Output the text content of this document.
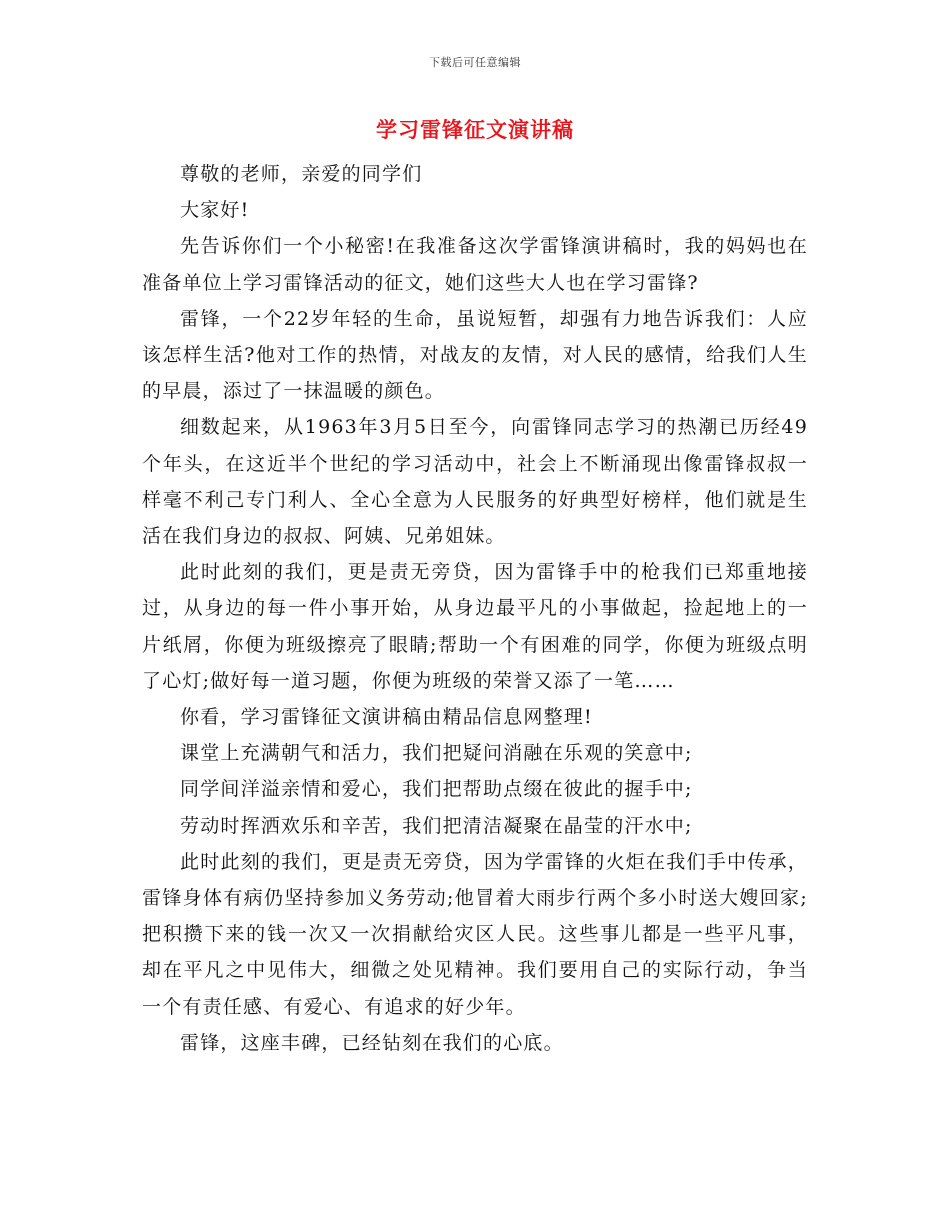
下载后可任意编辑
学习雷锋征文演讲稿

尊敬的老师，亲爱的同学们

大家好!

先告诉你们一个小秘密!在我准备这次学雷锋演讲稿时，我的妈妈也在准备单位上学习雷锋活动的征文，她们这些大人也在学习雷锋?

雷锋，一个22岁年轻的生命，虽说短暂，却强有力地告诉我们：人应该怎样生活?他对工作的热情，对战友的友情，对人民的感情，给我们人生的早晨，添过了一抹温暖的颜色。

细数起来，从1963年3月5日至今，向雷锋同志学习的热潮已历经49个年头，在这近半个世纪的学习活动中，社会上不断涌现出像雷锋叔叔一样毫不利己专门利人、全心全意为人民服务的好典型好榜样，他们就是生活在我们身边的叔叔、阿姨、兄弟姐妹。

此时此刻的我们，更是责无旁贷，因为雷锋手中的枪我们已郑重地接过，从身边的每一件小事开始，从身边最平凡的小事做起，捡起地上的一片纸屑，你便为班级擦亮了眼睛;帮助一个有困难的同学，你便为班级点明了心灯;做好每一道习题，你便为班级的荣誉又添了一笔……

你看，学习雷锋征文演讲稿由精品信息网整理!

课堂上充满朝气和活力，我们把疑问消融在乐观的笑意中;

同学间洋溢亲情和爱心，我们把帮助点缀在彼此的握手中;

劳动时挥洒欢乐和辛苦，我们把清洁凝聚在晶莹的汗水中;

此时此刻的我们，更是责无旁贷，因为学雷锋的火炬在我们手中传承，雷锋身体有病仍坚持参加义务劳动;他冒着大雨步行两个多小时送大嫂回家;把积攒下来的钱一次又一次捐献给灾区人民。这些事儿都是一些平凡事，却在平凡之中见伟大，细微之处见精神。我们要用自己的实际行动，争当一个有责任感、有爱心、有追求的好少年。

雷锋，这座丰碑，已经钻刻在我们的心底。
